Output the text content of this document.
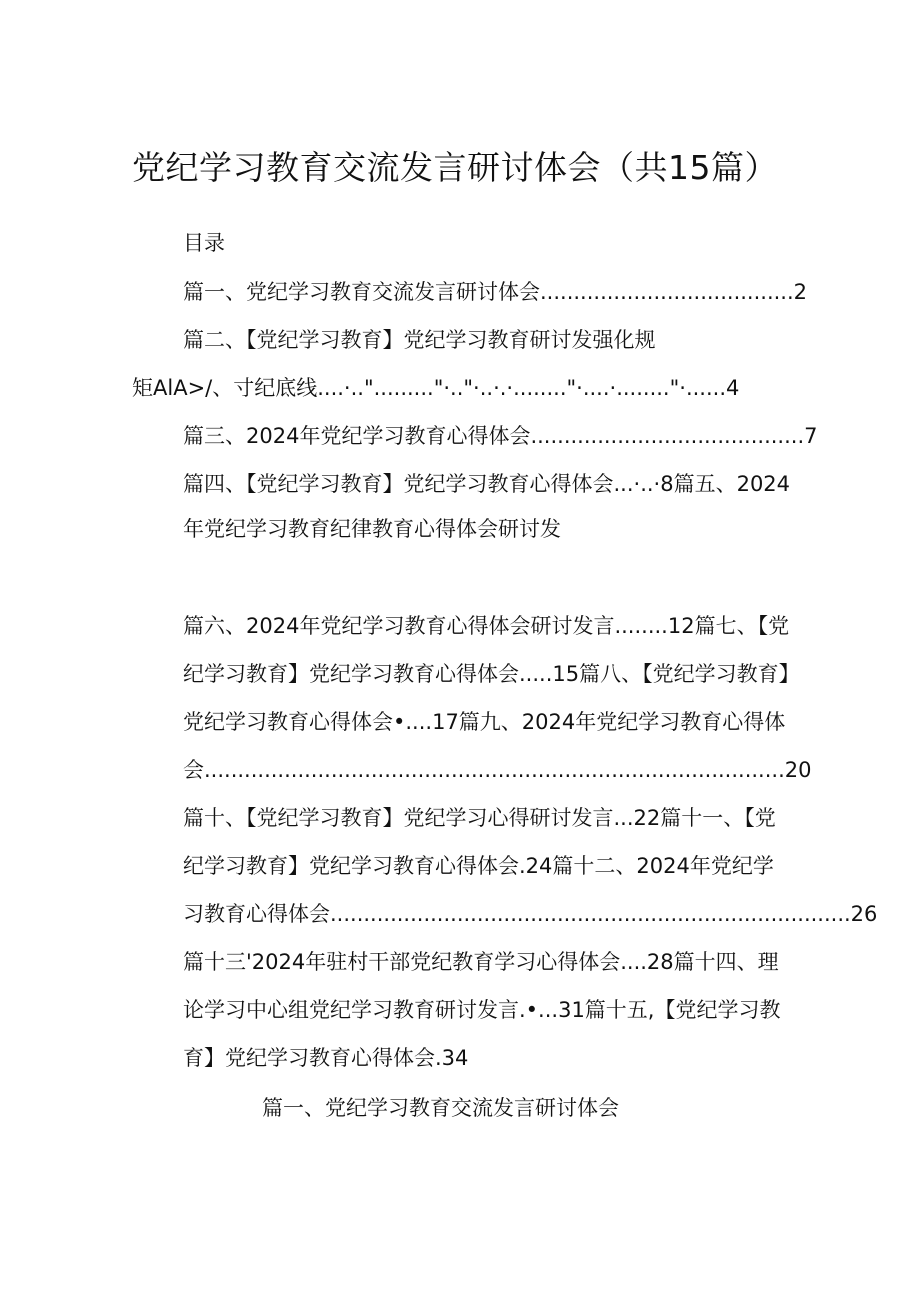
党纪学习教育交流发言研讨体会（共15篇）
目录
篇一、党纪学习教育交流发言研讨体会......................................2
篇二、【党纪学习教育】党纪学习教育研讨发强化规
矩AlA>/、寸纪底线....·.."........."·.."·..·.·........"·....·........"·......4
篇三、2024年党纪学习教育心得体会.........................................7
篇四、【党纪学习教育】党纪学习教育心得体会...·..·8篇五、2024
年党纪学习教育纪律教育心得体会研讨发
篇六、2024年党纪学习教育心得体会研讨发言........12篇七、【党
纪学习教育】党纪学习教育心得体会.....15篇八、【党纪学习教育】
党纪学习教育心得体会•....17篇九、2024年党纪学习教育心得体
会.......................................................................................20
篇十、【党纪学习教育】党纪学习心得研讨发言...22篇十一、【党
纪学习教育】党纪学习教育心得体会.24篇十二、2024年党纪学
习教育心得体会..............................................................................26
篇十三'2024年驻村干部党纪教育学习心得体会....28篇十四、理
论学习中心组党纪学习教育研讨发言.•...31篇十五,【党纪学习教
育】党纪学习教育心得体会.34
篇一、党纪学习教育交流发言研讨体会
